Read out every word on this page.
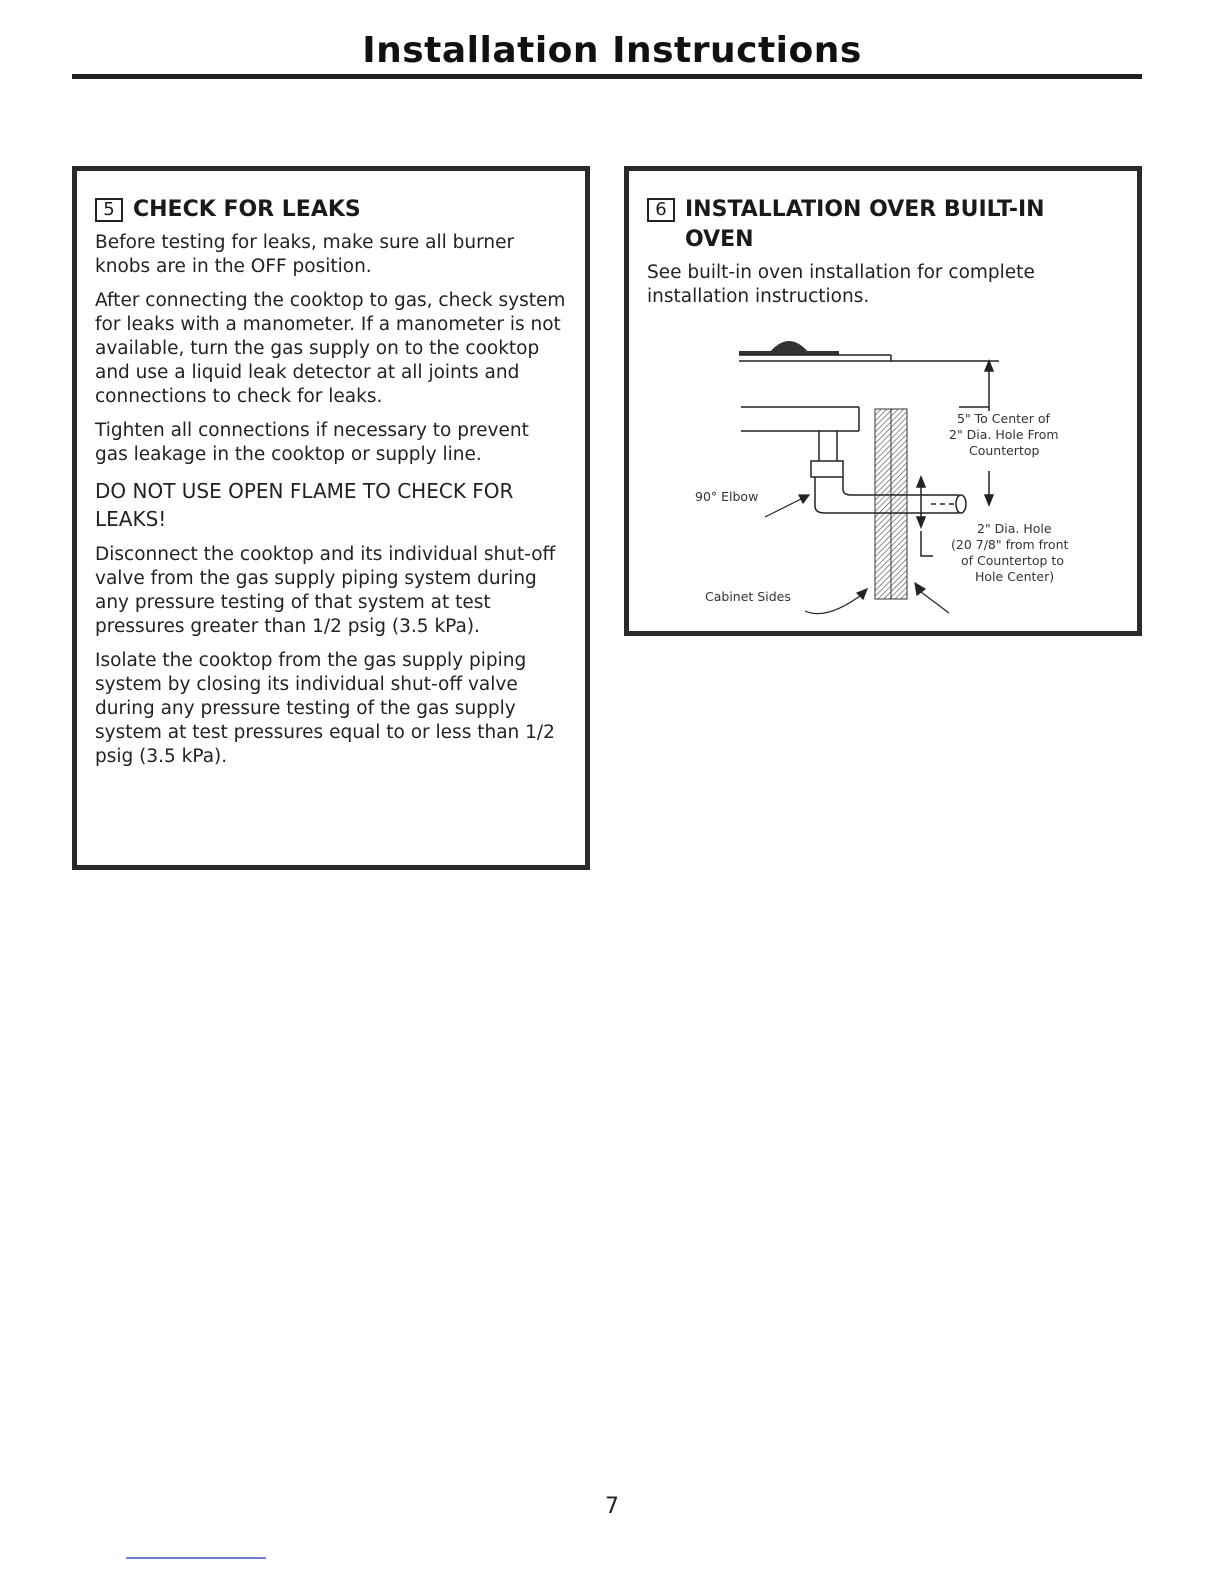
Installation Instructions
5 CHECK FOR LEAKS

Before testing for leaks, make sure all burner knobs are in the OFF position.

After connecting the cooktop to gas, check system for leaks with a manometer. If a manometer is not available, turn the gas supply on to the cooktop and use a liquid leak detector at all joints and connections to check for leaks.

Tighten all connections if necessary to prevent gas leakage in the cooktop or supply line.

DO NOT USE OPEN FLAME TO CHECK FOR LEAKS!

Disconnect the cooktop and its individual shut-off valve from the gas supply piping system during any pressure testing of that system at test pressures greater than 1/2 psig (3.5 kPa).

Isolate the cooktop from the gas supply piping system by closing its individual shut-off valve during any pressure testing of the gas supply system at test pressures equal to or less than 1/2 psig (3.5 kPa).

6 INSTALLATION OVER BUILT-IN OVEN

See built-in oven installation for complete installation instructions.

5" To Center of
2" Dia. Hole From
Countertop
90° Elbow
2" Dia. Hole
(20 7/8" from front
of Countertop to
Hole Center)
Cabinet Sides
7
